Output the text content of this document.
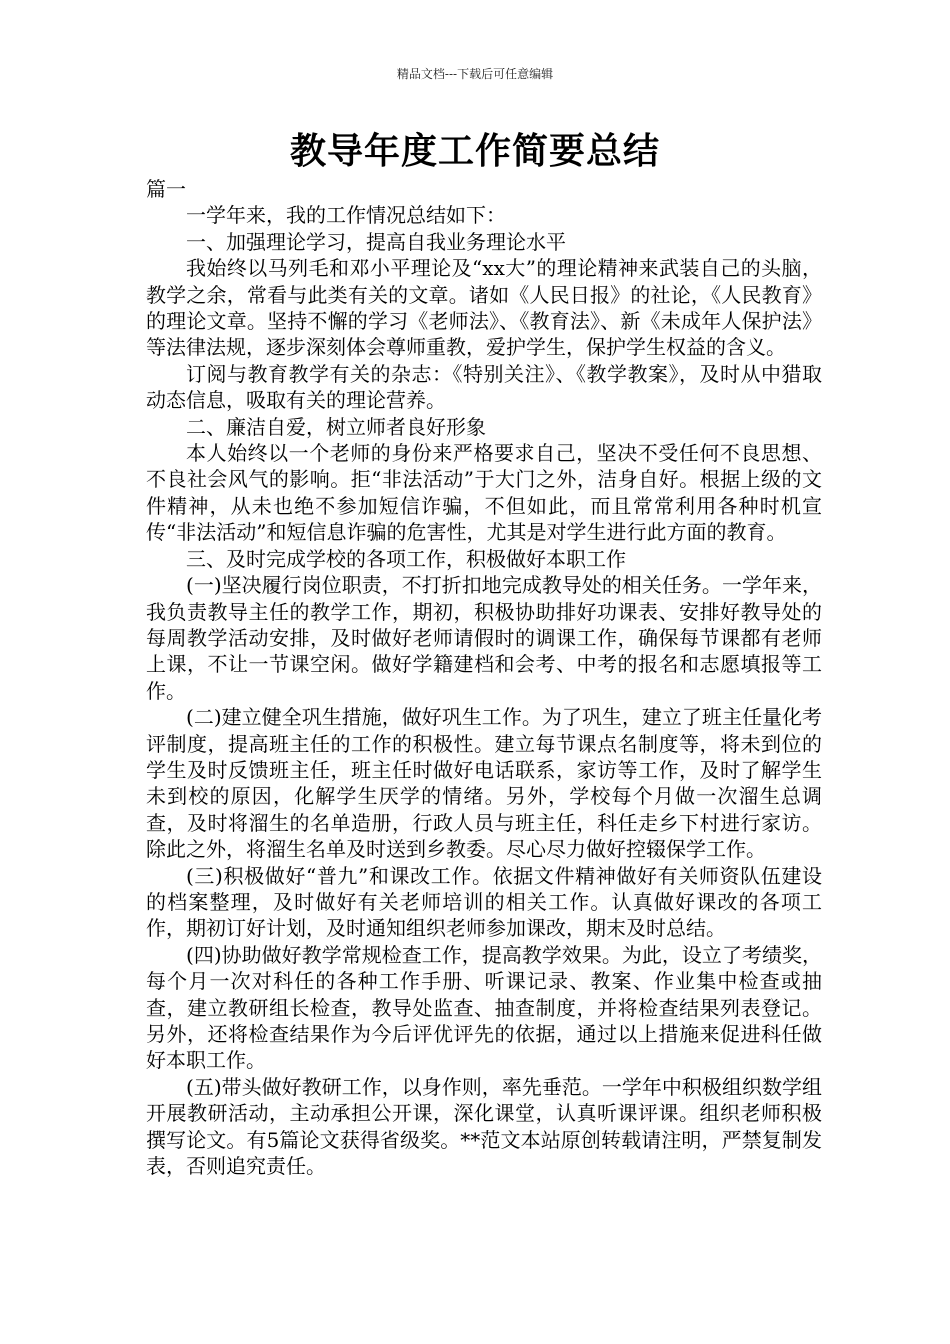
精品文档---下载后可任意编辑
教导年度工作简要总结

篇一

一学年来，我的工作情况总结如下：

一、加强理论学习，提高自我业务理论水平

我始终以马列毛和邓小平理论及“xx大”的理论精神来武装自己的头脑，教学之余，常看与此类有关的文章。诸如《人民日报》的社论，《人民教育》的理论文章。坚持不懈的学习《老师法》、《教育法》、新《未成年人保护法》等法律法规，逐步深刻体会尊师重教，爱护学生，保护学生权益的含义。

订阅与教育教学有关的杂志：《特别关注》、《教学教案》，及时从中猎取动态信息，吸取有关的理论营养。

二、廉洁自爱，树立师者良好形象

本人始终以一个老师的身份来严格要求自己，坚决不受任何不良思想、不良社会风气的影响。拒“非法活动”于大门之外，洁身自好。根据上级的文件精神，从未也绝不参加短信诈骗，不但如此，而且常常利用各种时机宣传“非法活动”和短信息诈骗的危害性，尤其是对学生进行此方面的教育。

三、及时完成学校的各项工作，积极做好本职工作

(一)坚决履行岗位职责，不打折扣地完成教导处的相关任务。一学年来，我负责教导主任的教学工作，期初，积极协助排好功课表、安排好教导处的每周教学活动安排，及时做好老师请假时的调课工作，确保每节课都有老师上课，不让一节课空闲。做好学籍建档和会考、中考的报名和志愿填报等工作。

(二)建立健全巩生措施，做好巩生工作。为了巩生，建立了班主任量化考评制度，提高班主任的工作的积极性。建立每节课点名制度等，将未到位的学生及时反馈班主任，班主任时做好电话联系，家访等工作，及时了解学生未到校的原因，化解学生厌学的情绪。另外，学校每个月做一次溜生总调查，及时将溜生的名单造册，行政人员与班主任，科任走乡下村进行家访。除此之外，将溜生名单及时送到乡教委。尽心尽力做好控辍保学工作。

(三)积极做好“普九”和课改工作。依据文件精神做好有关师资队伍建设的档案整理，及时做好有关老师培训的相关工作。认真做好课改的各项工作，期初订好计划，及时通知组织老师参加课改，期末及时总结。

(四)协助做好教学常规检查工作，提高教学效果。为此，设立了考绩奖，每个月一次对科任的各种工作手册、听课记录、教案、作业集中检查或抽查，建立教研组长检查，教导处监查、抽查制度，并将检查结果列表登记。另外，还将检查结果作为今后评优评先的依据，通过以上措施来促进科任做好本职工作。

(五)带头做好教研工作，以身作则，率先垂范。一学年中积极组织数学组开展教研活动，主动承担公开课，深化课堂，认真听课评课。组织老师积极撰写论文。有5篇论文获得省级奖。**范文本站原创转载请注明，严禁复制发表，否则追究责任。
